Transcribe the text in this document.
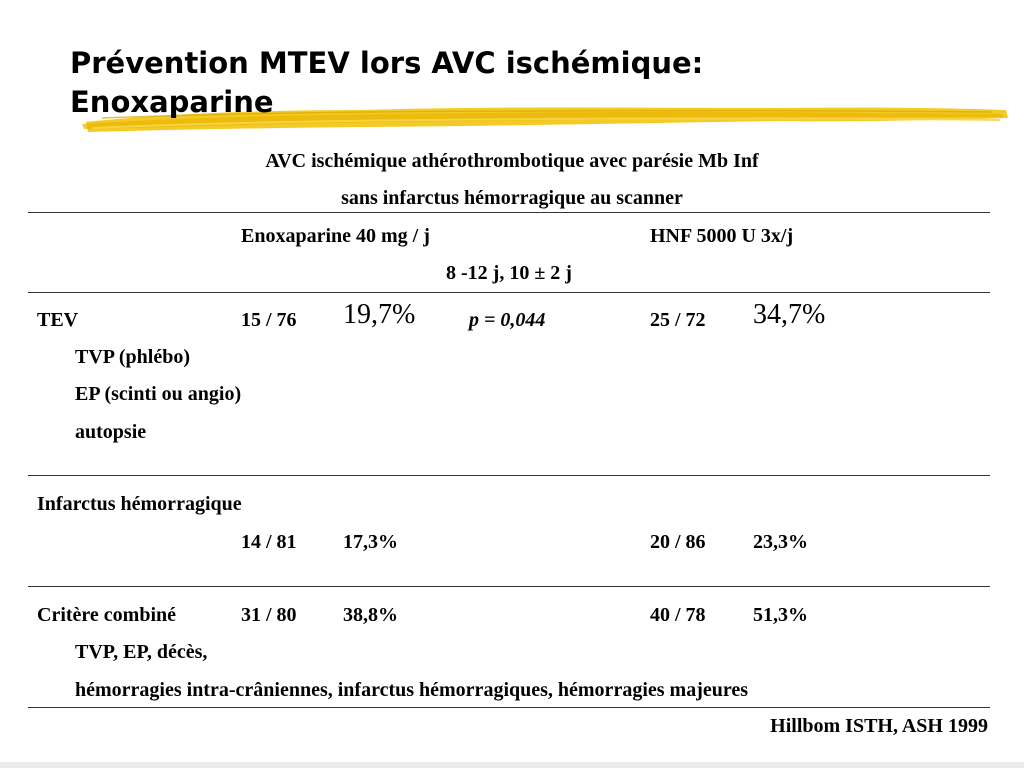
Prévention MTEV lors AVC ischémique:
Enoxaparine
AVC ischémique athérothrombotique avec parésie Mb Inf
sans infarctus hémorragique au scanner
Enoxaparine 40 mg / j	HNF 5000 U 3x/j
8 -12 j, 10 ± 2 j
TEV	15 / 76 19,7%	p = 0,044	25 / 72 34,7%
TVP (phlébo)
EP (scinti ou angio)
autopsie
Infarctus hémorragique
14 / 81 17,3%	20 / 86 23,3%
Critère combiné	31 / 80 38,8%	40 / 78 51,3%
TVP, EP, décès,
hémorragies intra-crâniennes, infarctus hémorragiques, hémorragies majeures
Hillbom ISTH, ASH 1999
